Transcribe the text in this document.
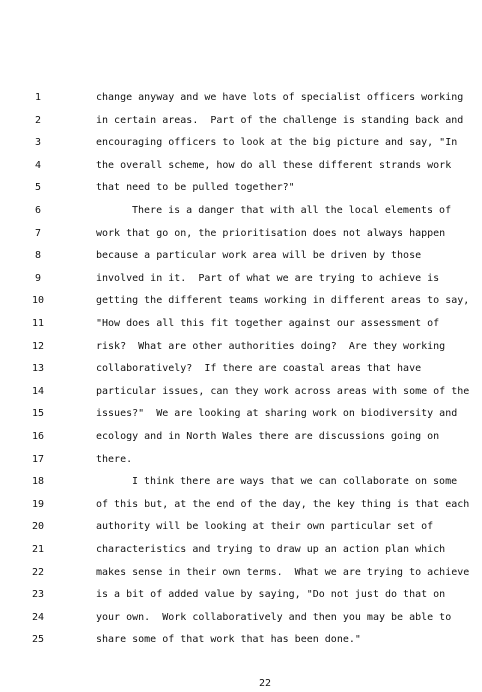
1	change anyway and we have lots of specialist officers working
2	in certain areas.  Part of the challenge is standing back and
3	encouraging officers to look at the big picture and say, "In
4	the overall scheme, how do all these different strands work
5	that need to be pulled together?"
6	There is a danger that with all the local elements of
7	work that go on, the prioritisation does not always happen
8	because a particular work area will be driven by those
9	involved in it.  Part of what we are trying to achieve is
10	getting the different teams working in different areas to say,
11	"How does all this fit together against our assessment of
12	risk?  What are other authorities doing?  Are they working
13	collaboratively?  If there are coastal areas that have
14	particular issues, can they work across areas with some of the
15	issues?"  We are looking at sharing work on biodiversity and
16	ecology and in North Wales there are discussions going on
17	there.
18	I think there are ways that we can collaborate on some
19	of this but, at the end of the day, the key thing is that each
20	authority will be looking at their own particular set of
21	characteristics and trying to draw up an action plan which
22	makes sense in their own terms.  What we are trying to achieve
23	is a bit of added value by saying, "Do not just do that on
24	your own.  Work collaboratively and then you may be able to
25	share some of that work that has been done."
22
